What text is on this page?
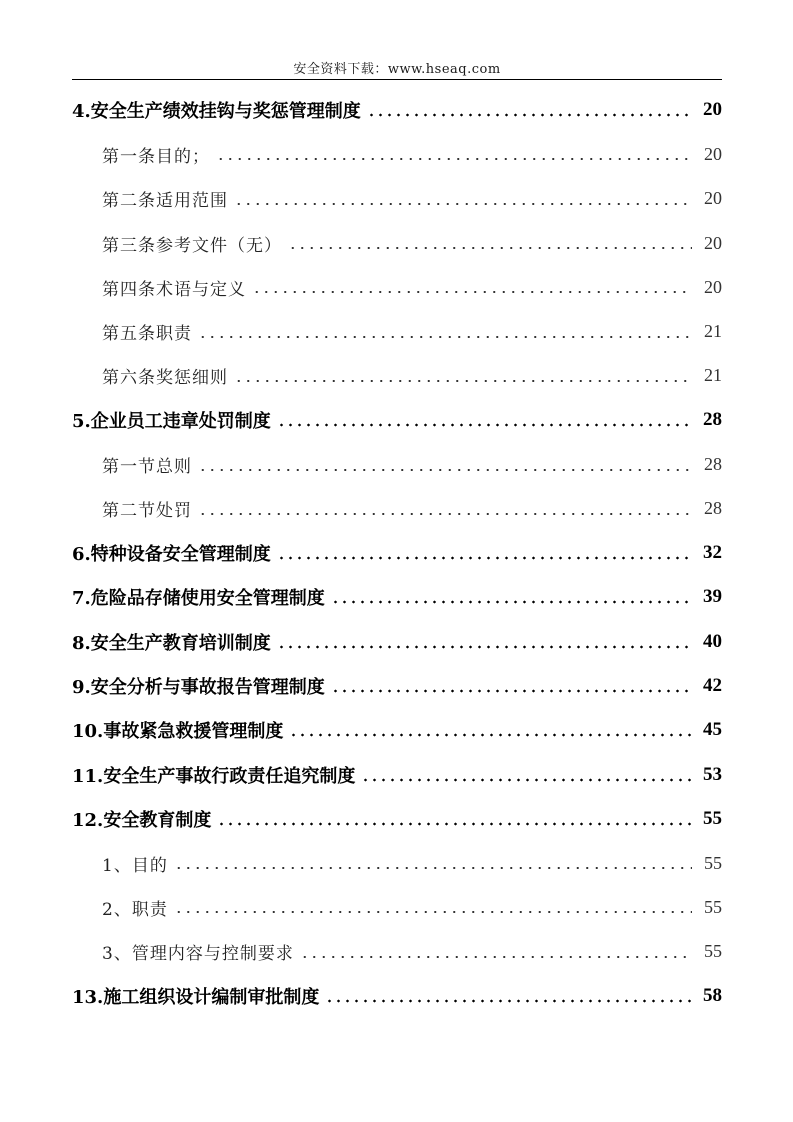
安全资料下载：www.hseaq.com
4.安全生产绩效挂钩与奖惩管理制度	20
第一条目的；	20
第二条适用范围	20
第三条参考文件（无）	20
第四条术语与定义	20
第五条职责	21
第六条奖惩细则	21
5.企业员工违章处罚制度	28
第一节总则	28
第二节处罚	28
6.特种设备安全管理制度	32
7.危险品存储使用安全管理制度	39
8.安全生产教育培训制度	40
9.安全分析与事故报告管理制度	42
10.事故紧急救援管理制度	45
11.安全生产事故行政责任追究制度	53
12.安全教育制度	55
1、目的	55
2、职责	55
3、管理内容与控制要求	55
13.施工组织设计编制审批制度	58
